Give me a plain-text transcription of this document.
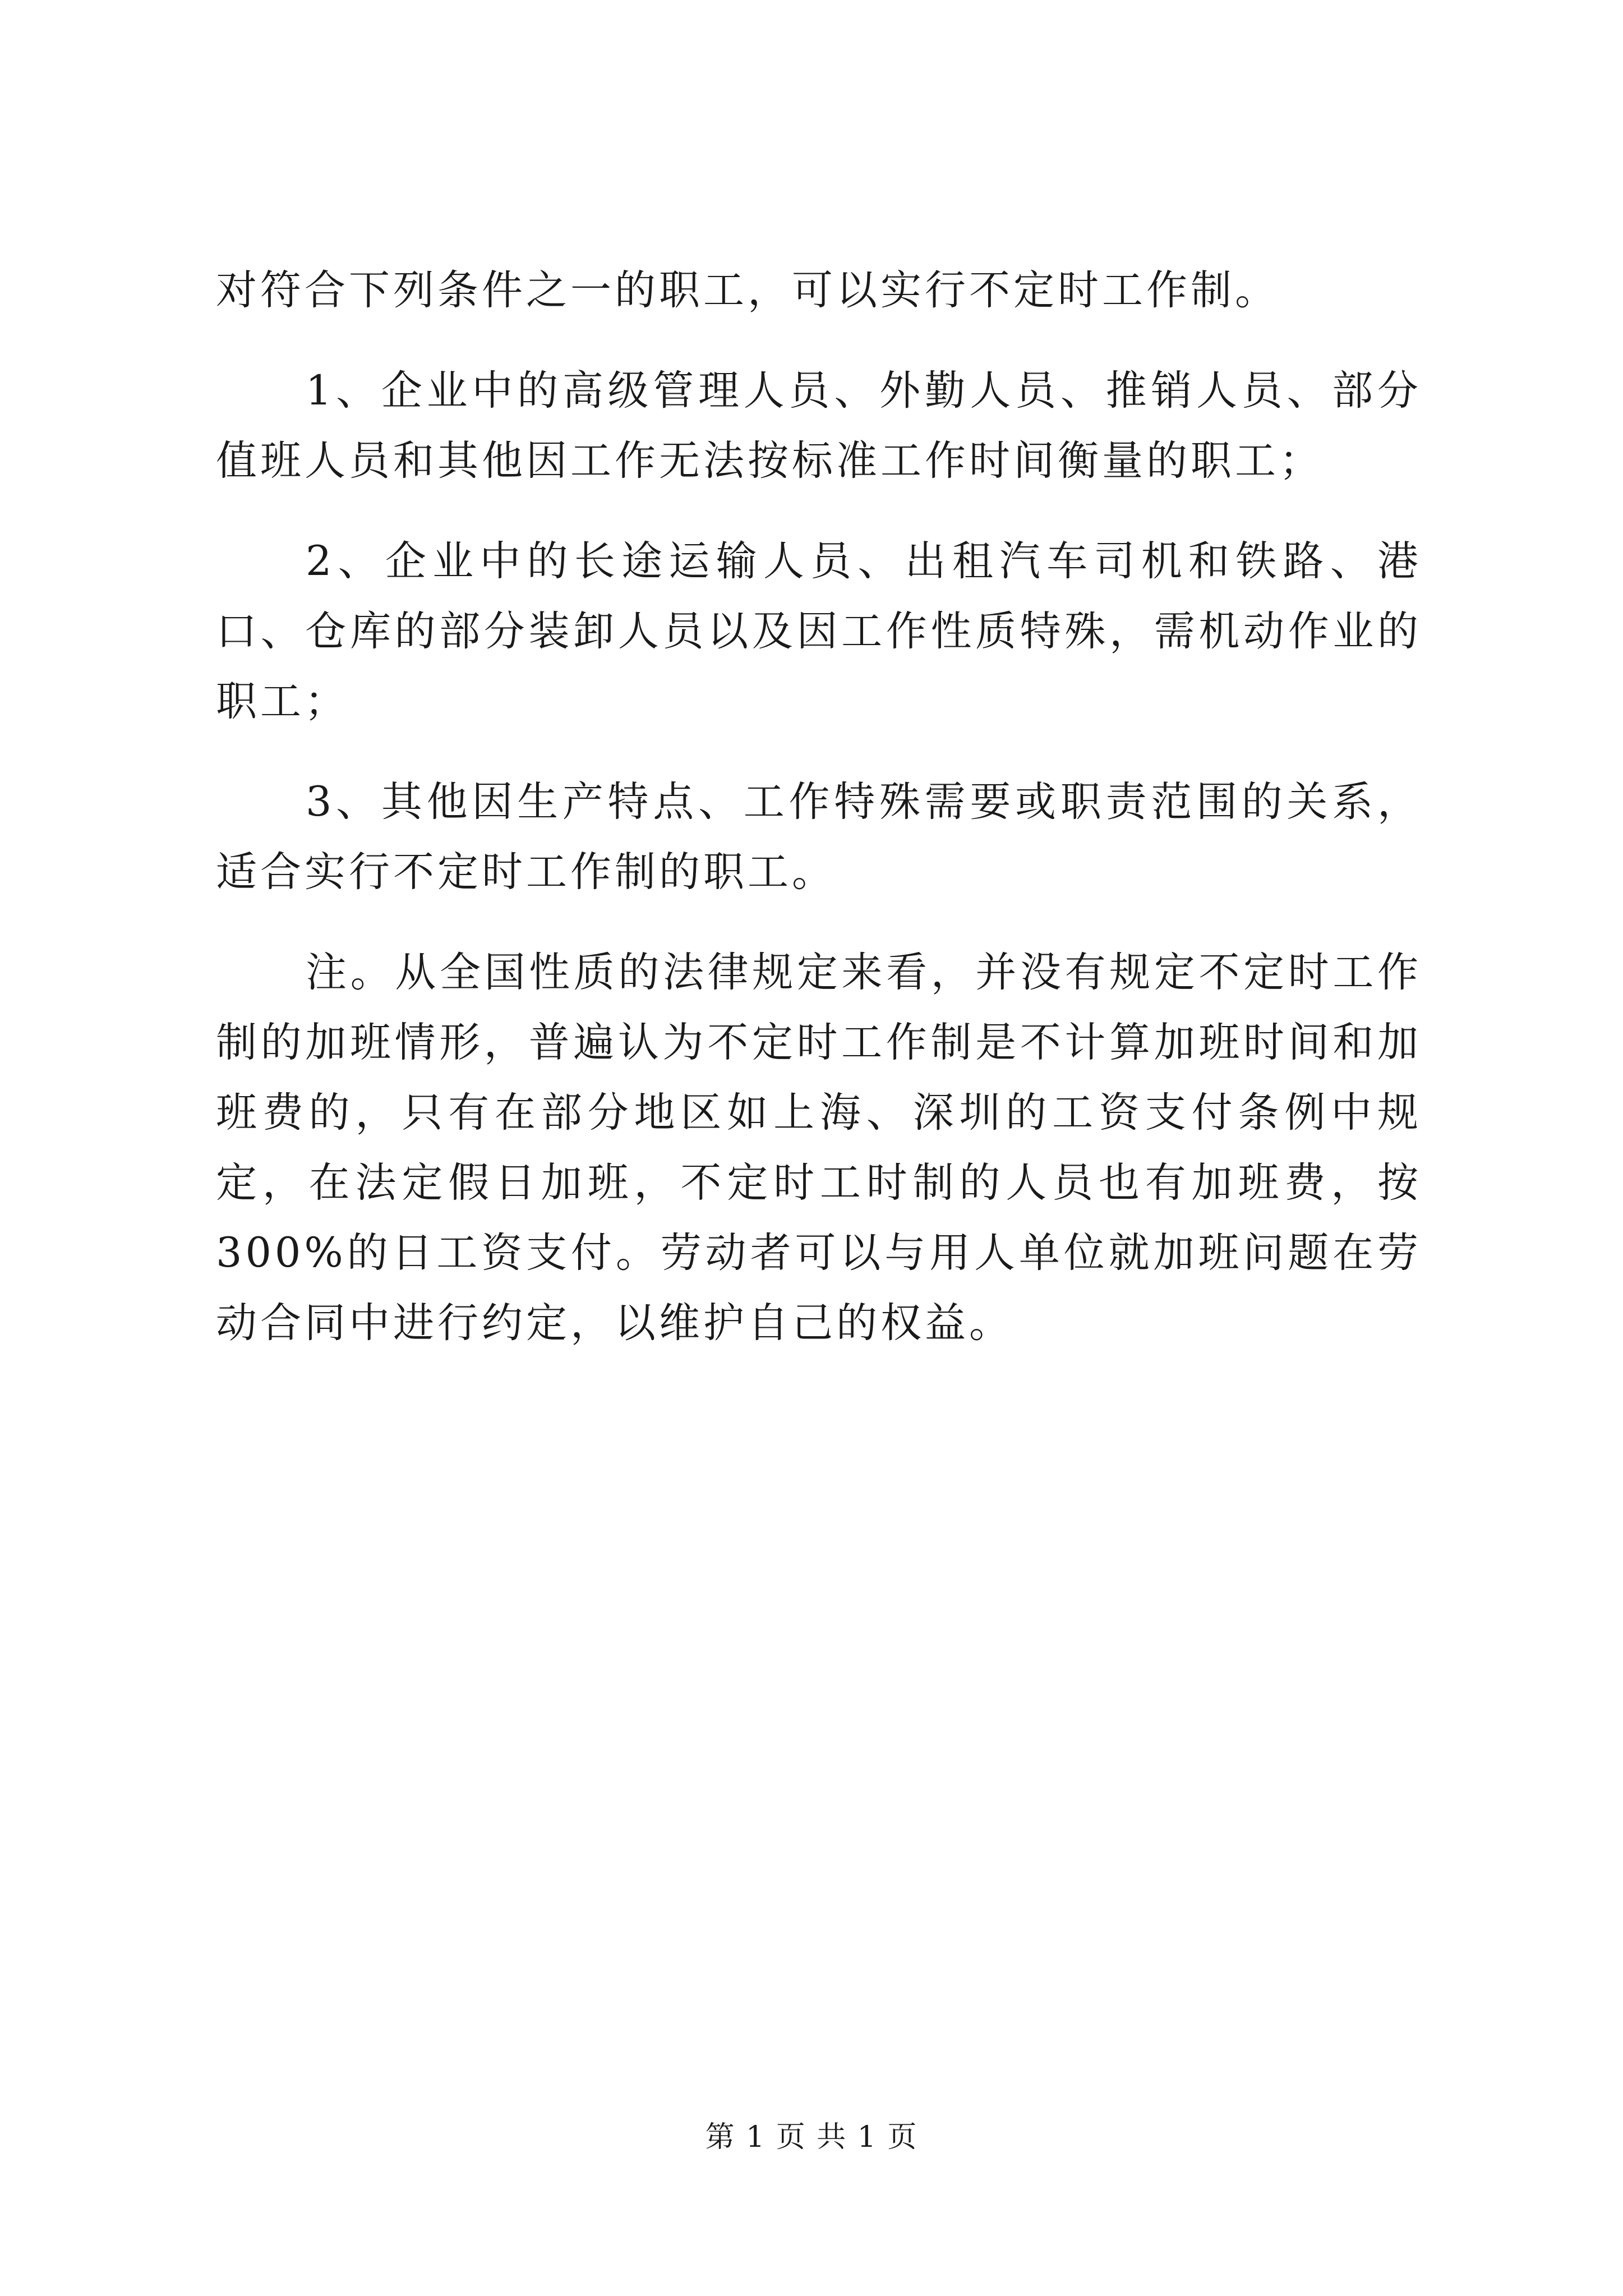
对符合下列条件之一的职工，可以实行不定时工作制。

1、企业中的高级管理人员、外勤人员、推销人员、部分值班人员和其他因工作无法按标准工作时间衡量的职工；

2、企业中的长途运输人员、出租汽车司机和铁路、港口、仓库的部分装卸人员以及因工作性质特殊，需机动作业的职工；

3、其他因生产特点、工作特殊需要或职责范围的关系，适合实行不定时工作制的职工。

注。从全国性质的法律规定来看，并没有规定不定时工作制的加班情形，普遍认为不定时工作制是不计算加班时间和加班费的，只有在部分地区如上海、深圳的工资支付条例中规定，在法定假日加班，不定时工时制的人员也有加班费，按300%的日工资支付。劳动者可以与用人单位就加班问题在劳动合同中进行约定，以维护自己的权益。

第 1 页 共 1 页
